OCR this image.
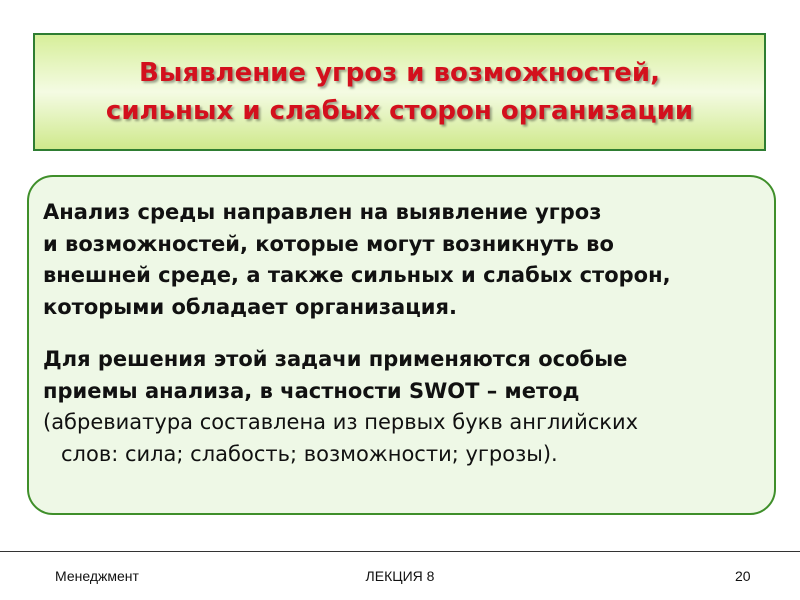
Выявление угроз и возможностей,
сильных и слабых сторон организации
Анализ среды направлен на выявление угроз
и возможностей, которые могут возникнуть во
внешней среде, а также сильных и слабых сторон,
которыми обладает организация.
Для решения этой задачи применяются особые
приемы анализа, в частности SWOT – метод
(абревиатура составлена из первых букв английских
слов: сила; слабость; возможности; угрозы).
Менеджмент	ЛЕКЦИЯ 8	20
